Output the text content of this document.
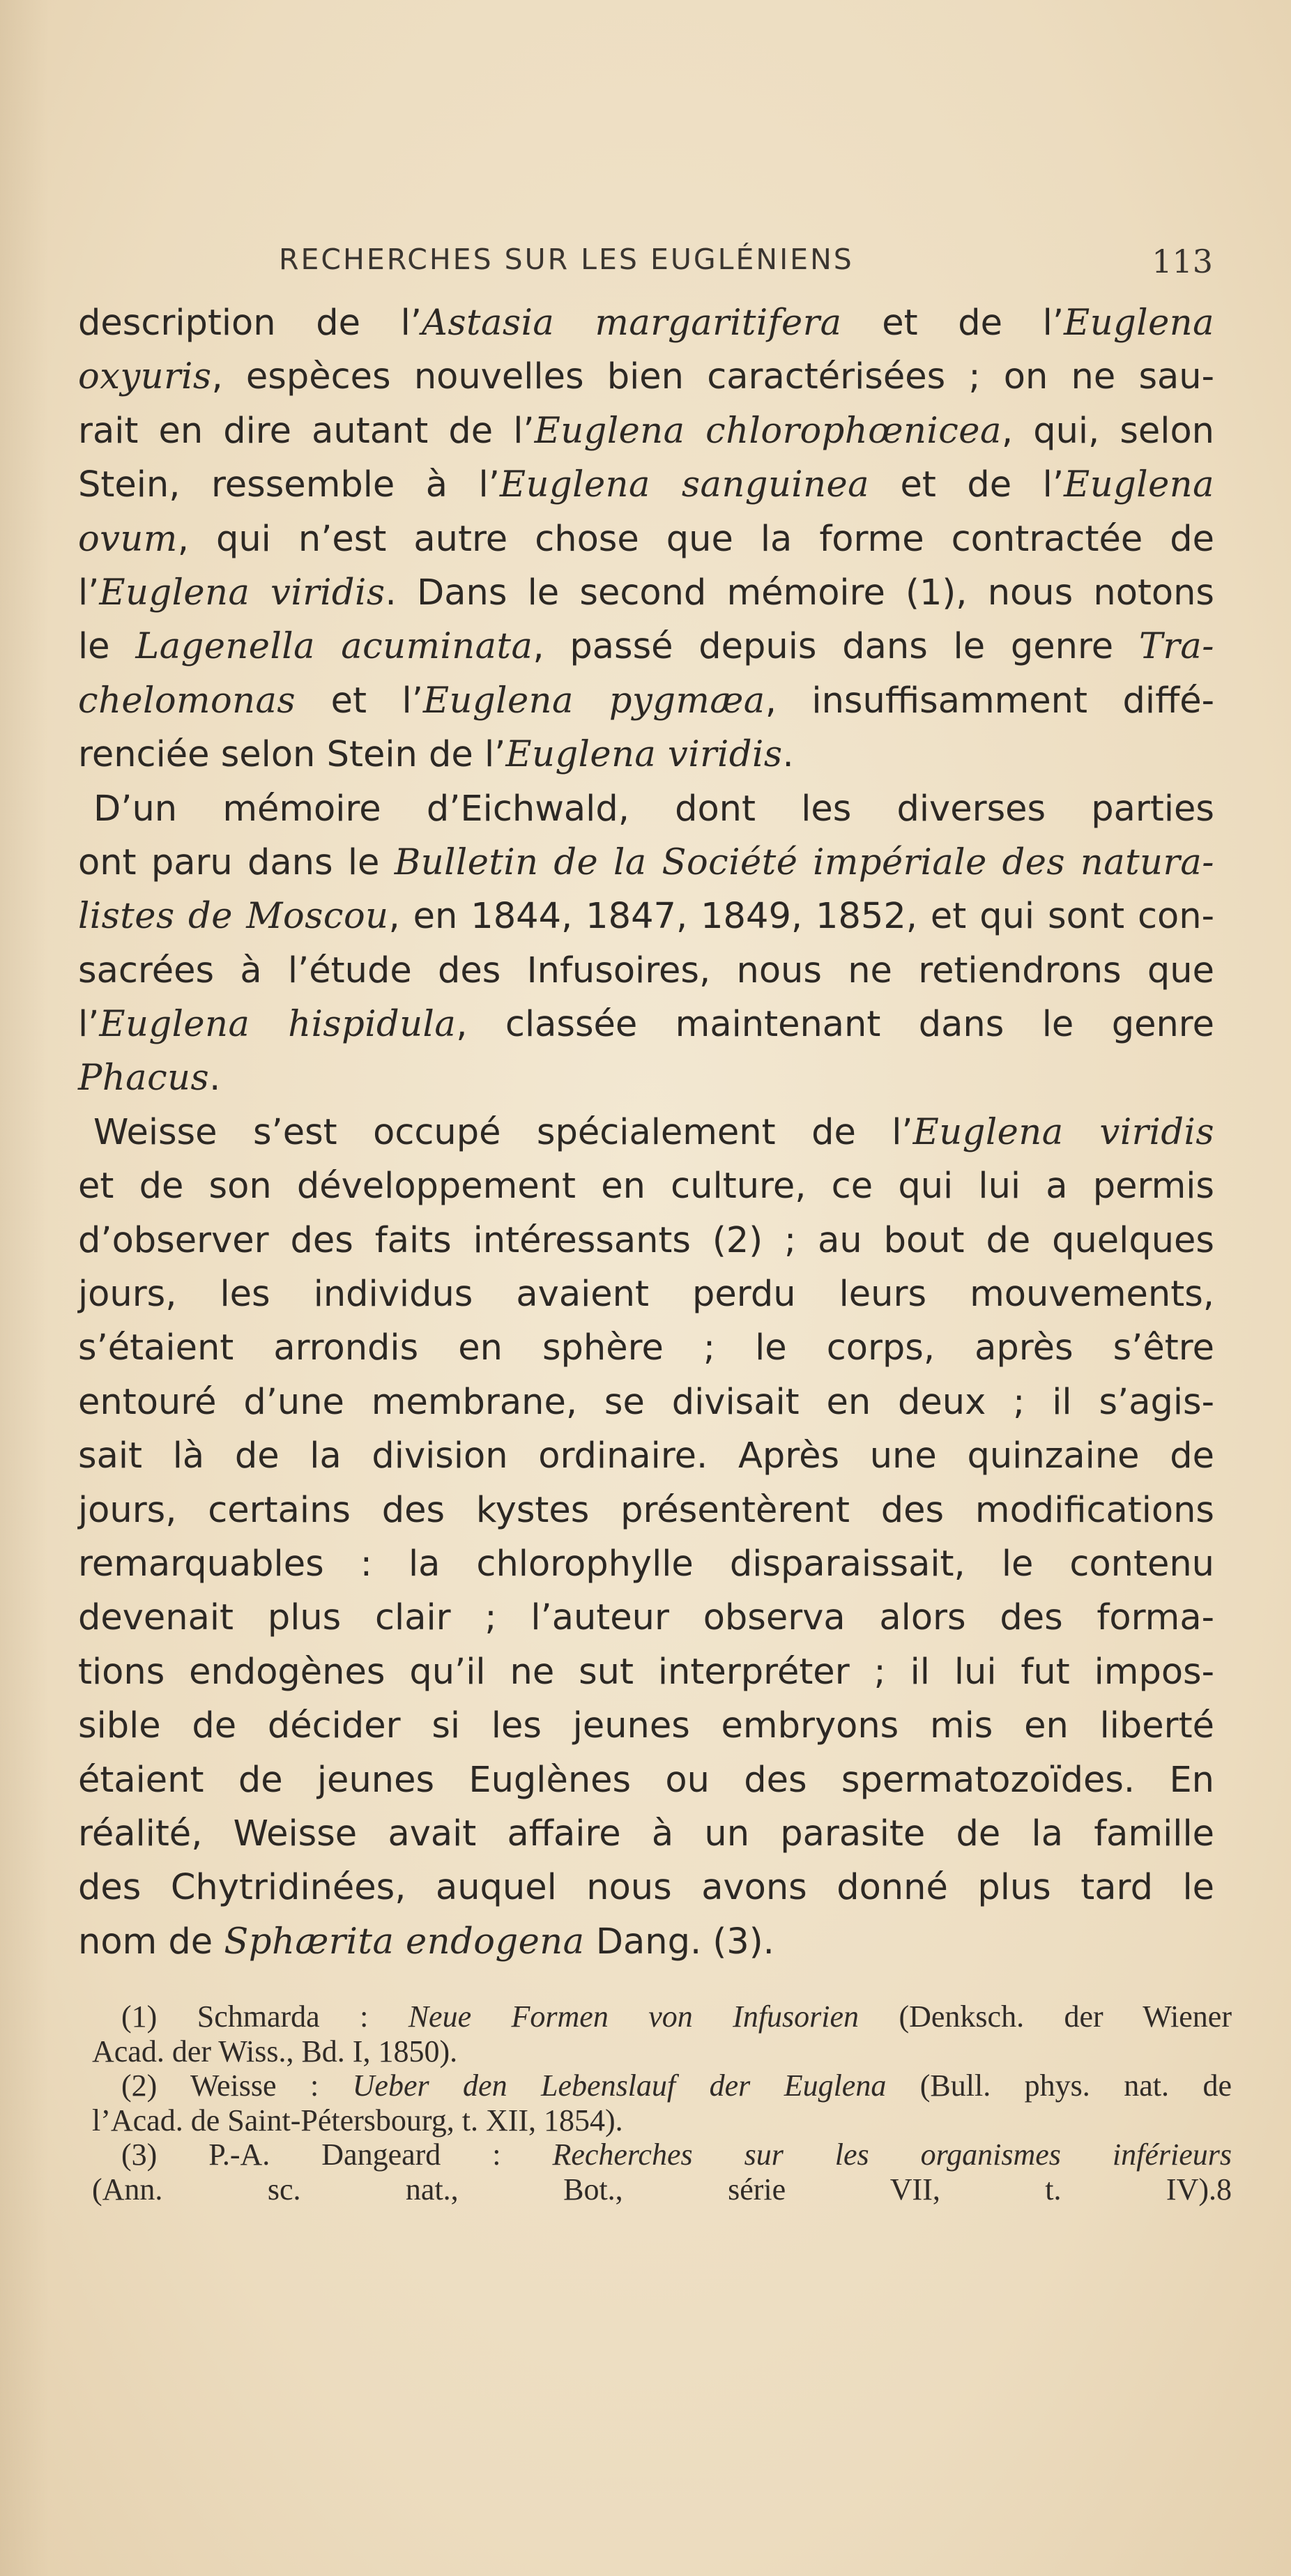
RECHERCHES SUR LES EUGLÉNIENS	113
description de l’Astasia margaritifera et de l’Euglena
oxyuris, espèces nouvelles bien caractérisées ; on ne sau-
rait en dire autant de l’Euglena chlorophœnicea, qui, selon
Stein, ressemble à l’Euglena sanguinea et de l’Euglena
ovum, qui n’est autre chose que la forme contractée de
l’Euglena viridis. Dans le second mémoire (1), nous notons
le Lagenella acuminata, passé depuis dans le genre Tra-
chelomonas et l’Euglena pygmæa, insuffisamment diffé-
renciée selon Stein de l’Euglena viridis.
D’un mémoire d’Eichwald, dont les diverses parties
ont paru dans le Bulletin de la Société impériale des natura-
listes de Moscou, en 1844, 1847, 1849, 1852, et qui sont con-
sacrées à l’étude des Infusoires, nous ne retiendrons que
l’Euglena hispidula, classée maintenant dans le genre
Phacus.
Weisse s’est occupé spécialement de l’Euglena viridis
et de son développement en culture, ce qui lui a permis
d’observer des faits intéressants (2) ; au bout de quelques
jours, les individus avaient perdu leurs mouvements,
s’étaient arrondis en sphère ; le corps, après s’être
entouré d’une membrane, se divisait en deux ; il s’agis-
sait là de la division ordinaire. Après une quinzaine de
jours, certains des kystes présentèrent des modifications
remarquables : la chlorophylle disparaissait, le contenu
devenait plus clair ; l’auteur observa alors des forma-
tions endogènes qu’il ne sut interpréter ; il lui fut impos-
sible de décider si les jeunes embryons mis en liberté
étaient de jeunes Euglènes ou des spermatozoïdes. En
réalité, Weisse avait affaire à un parasite de la famille
des Chytridinées, auquel nous avons donné plus tard le
nom de Sphærita endogena Dang. (3).
(1) Schmarda : Neue Formen von Infusorien (Denksch. der Wiener
Acad. der Wiss., Bd. I, 1850).
(2) Weisse : Ueber den Lebenslauf der Euglena (Bull. phys. nat. de
l’Acad. de Saint-Pétersbourg, t. XII, 1854).
(3) P.-A. Dangeard : Recherches sur les organismes inférieurs
(Ann. sc. nat., Bot., série VII, t. IV).8
